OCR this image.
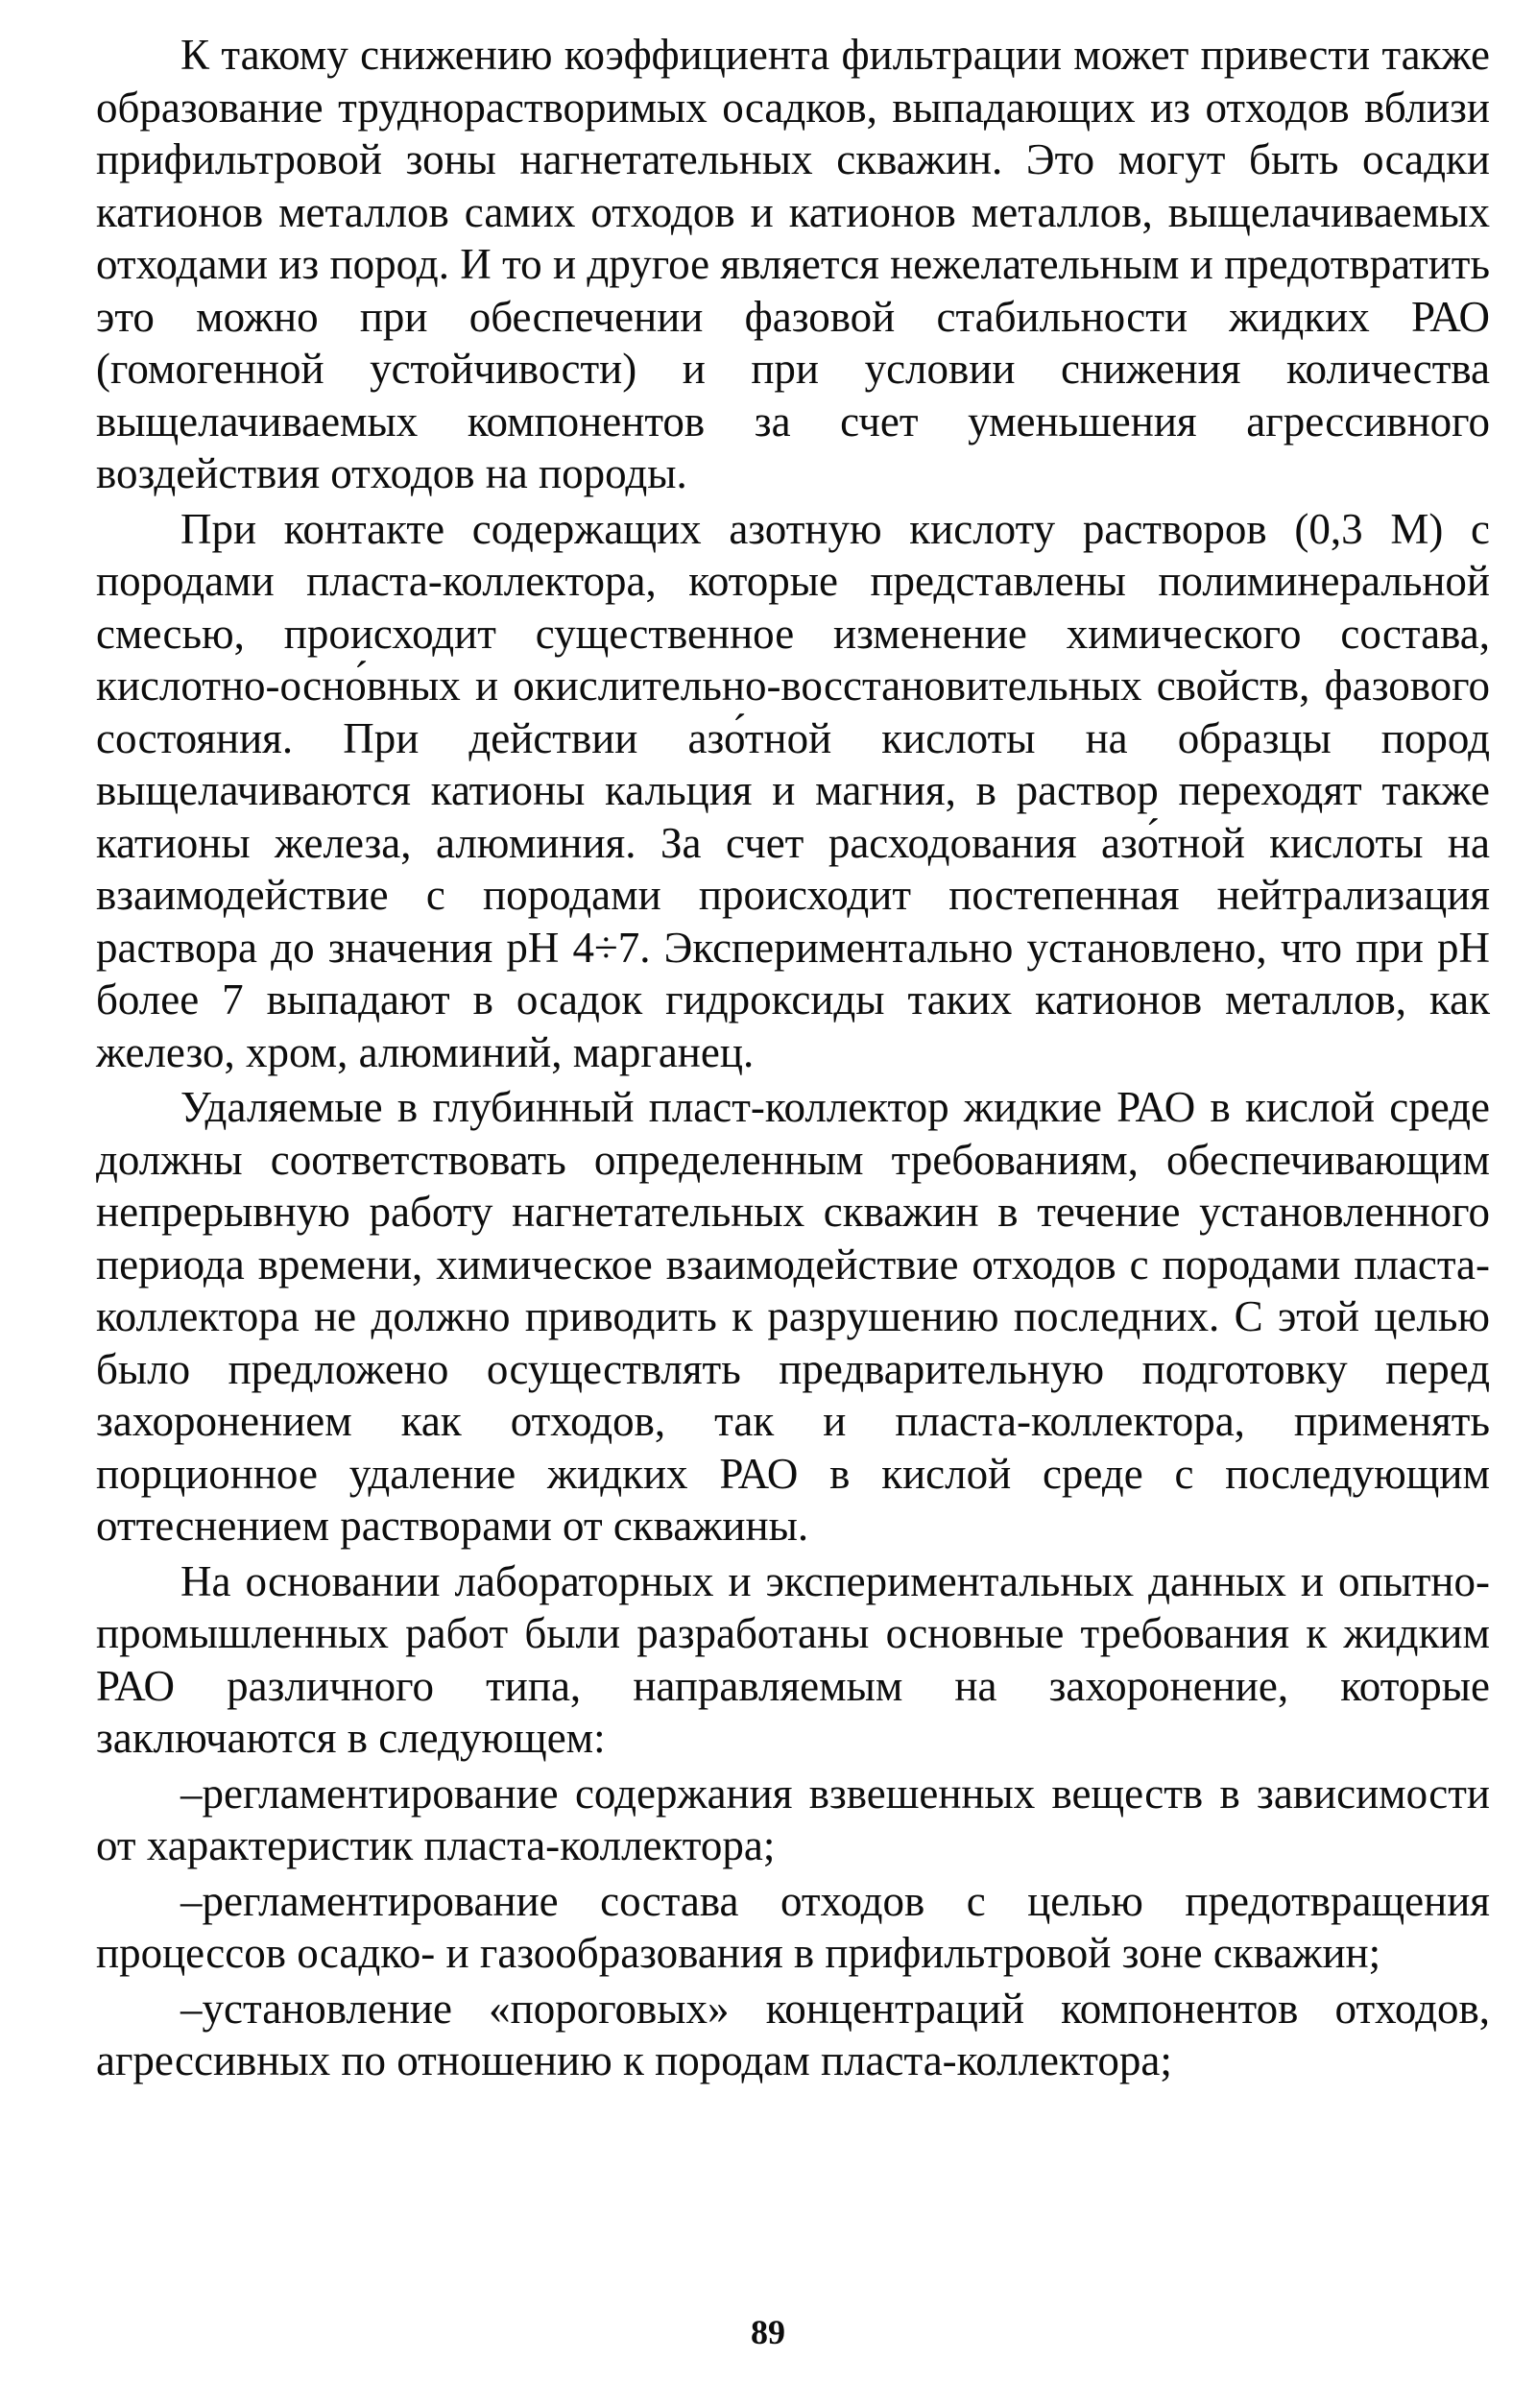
К такому снижению коэффициента фильтрации может привести также образование труднорастворимых осадков, выпадающих из отходов вблизи прифильтровой зоны нагнетательных скважин. Это могут быть осадки катионов металлов самих отходов и катионов металлов, выщелачиваемых отходами из пород. И то и другое является нежелательным и предотвратить это можно при обеспечении фазовой стабильности жидких РАО (гомогенной устойчивости) и при условии снижения количества выщелачиваемых компонентов за счет уменьшения агрессивного воздействия отходов на породы.

При контакте содержащих азотную кислоту растворов (0,3 М) с породами пласта-коллектора, которые представлены полиминеральной смесью, происходит существенное изменение химического состава, кислотно-осно́вных и окислительно-восстановительных свойств, фазового состояния. При действии азо́тной кислоты на образцы пород выщелачиваются катионы кальция и магния, в раствор переходят также катионы железа, алюминия. За счет расходования азо́тной кислоты на взаимодействие с породами происходит постепенная нейтрализация раствора до значения pH 4÷7. Экспериментально установлено, что при pH более 7 выпадают в осадок гидроксиды таких катионов металлов, как железо, хром, алюминий, марганец.

Удаляемые в глубинный пласт-коллектор жидкие РАО в кислой среде должны соответствовать определенным требованиям, обеспечивающим непрерывную работу нагнетательных скважин в течение установленного периода времени, химическое взаимодействие отходов с породами пласта-коллектора не должно приводить к разрушению последних. С этой целью было предложено осуществлять предварительную подготовку перед захоронением как отходов, так и пласта-коллектора, применять порционное удаление жидких РАО в кислой среде с последующим оттеснением растворами от скважины.

На основании лабораторных и экспериментальных данных и опытно-промышленных работ были разработаны основные требования к жидким РАО различного типа, направляемым на захоронение, которые заключаются в следующем:

–регламентирование содержания взвешенных веществ в зависимости от характеристик пласта-коллектора;

–регламентирование состава отходов с целью предотвращения процессов осадко- и газообразования в прифильтровой зоне скважин;

–установление «пороговых» концентраций компонентов отходов, агрессивных по отношению к породам пласта-коллектора;

89
